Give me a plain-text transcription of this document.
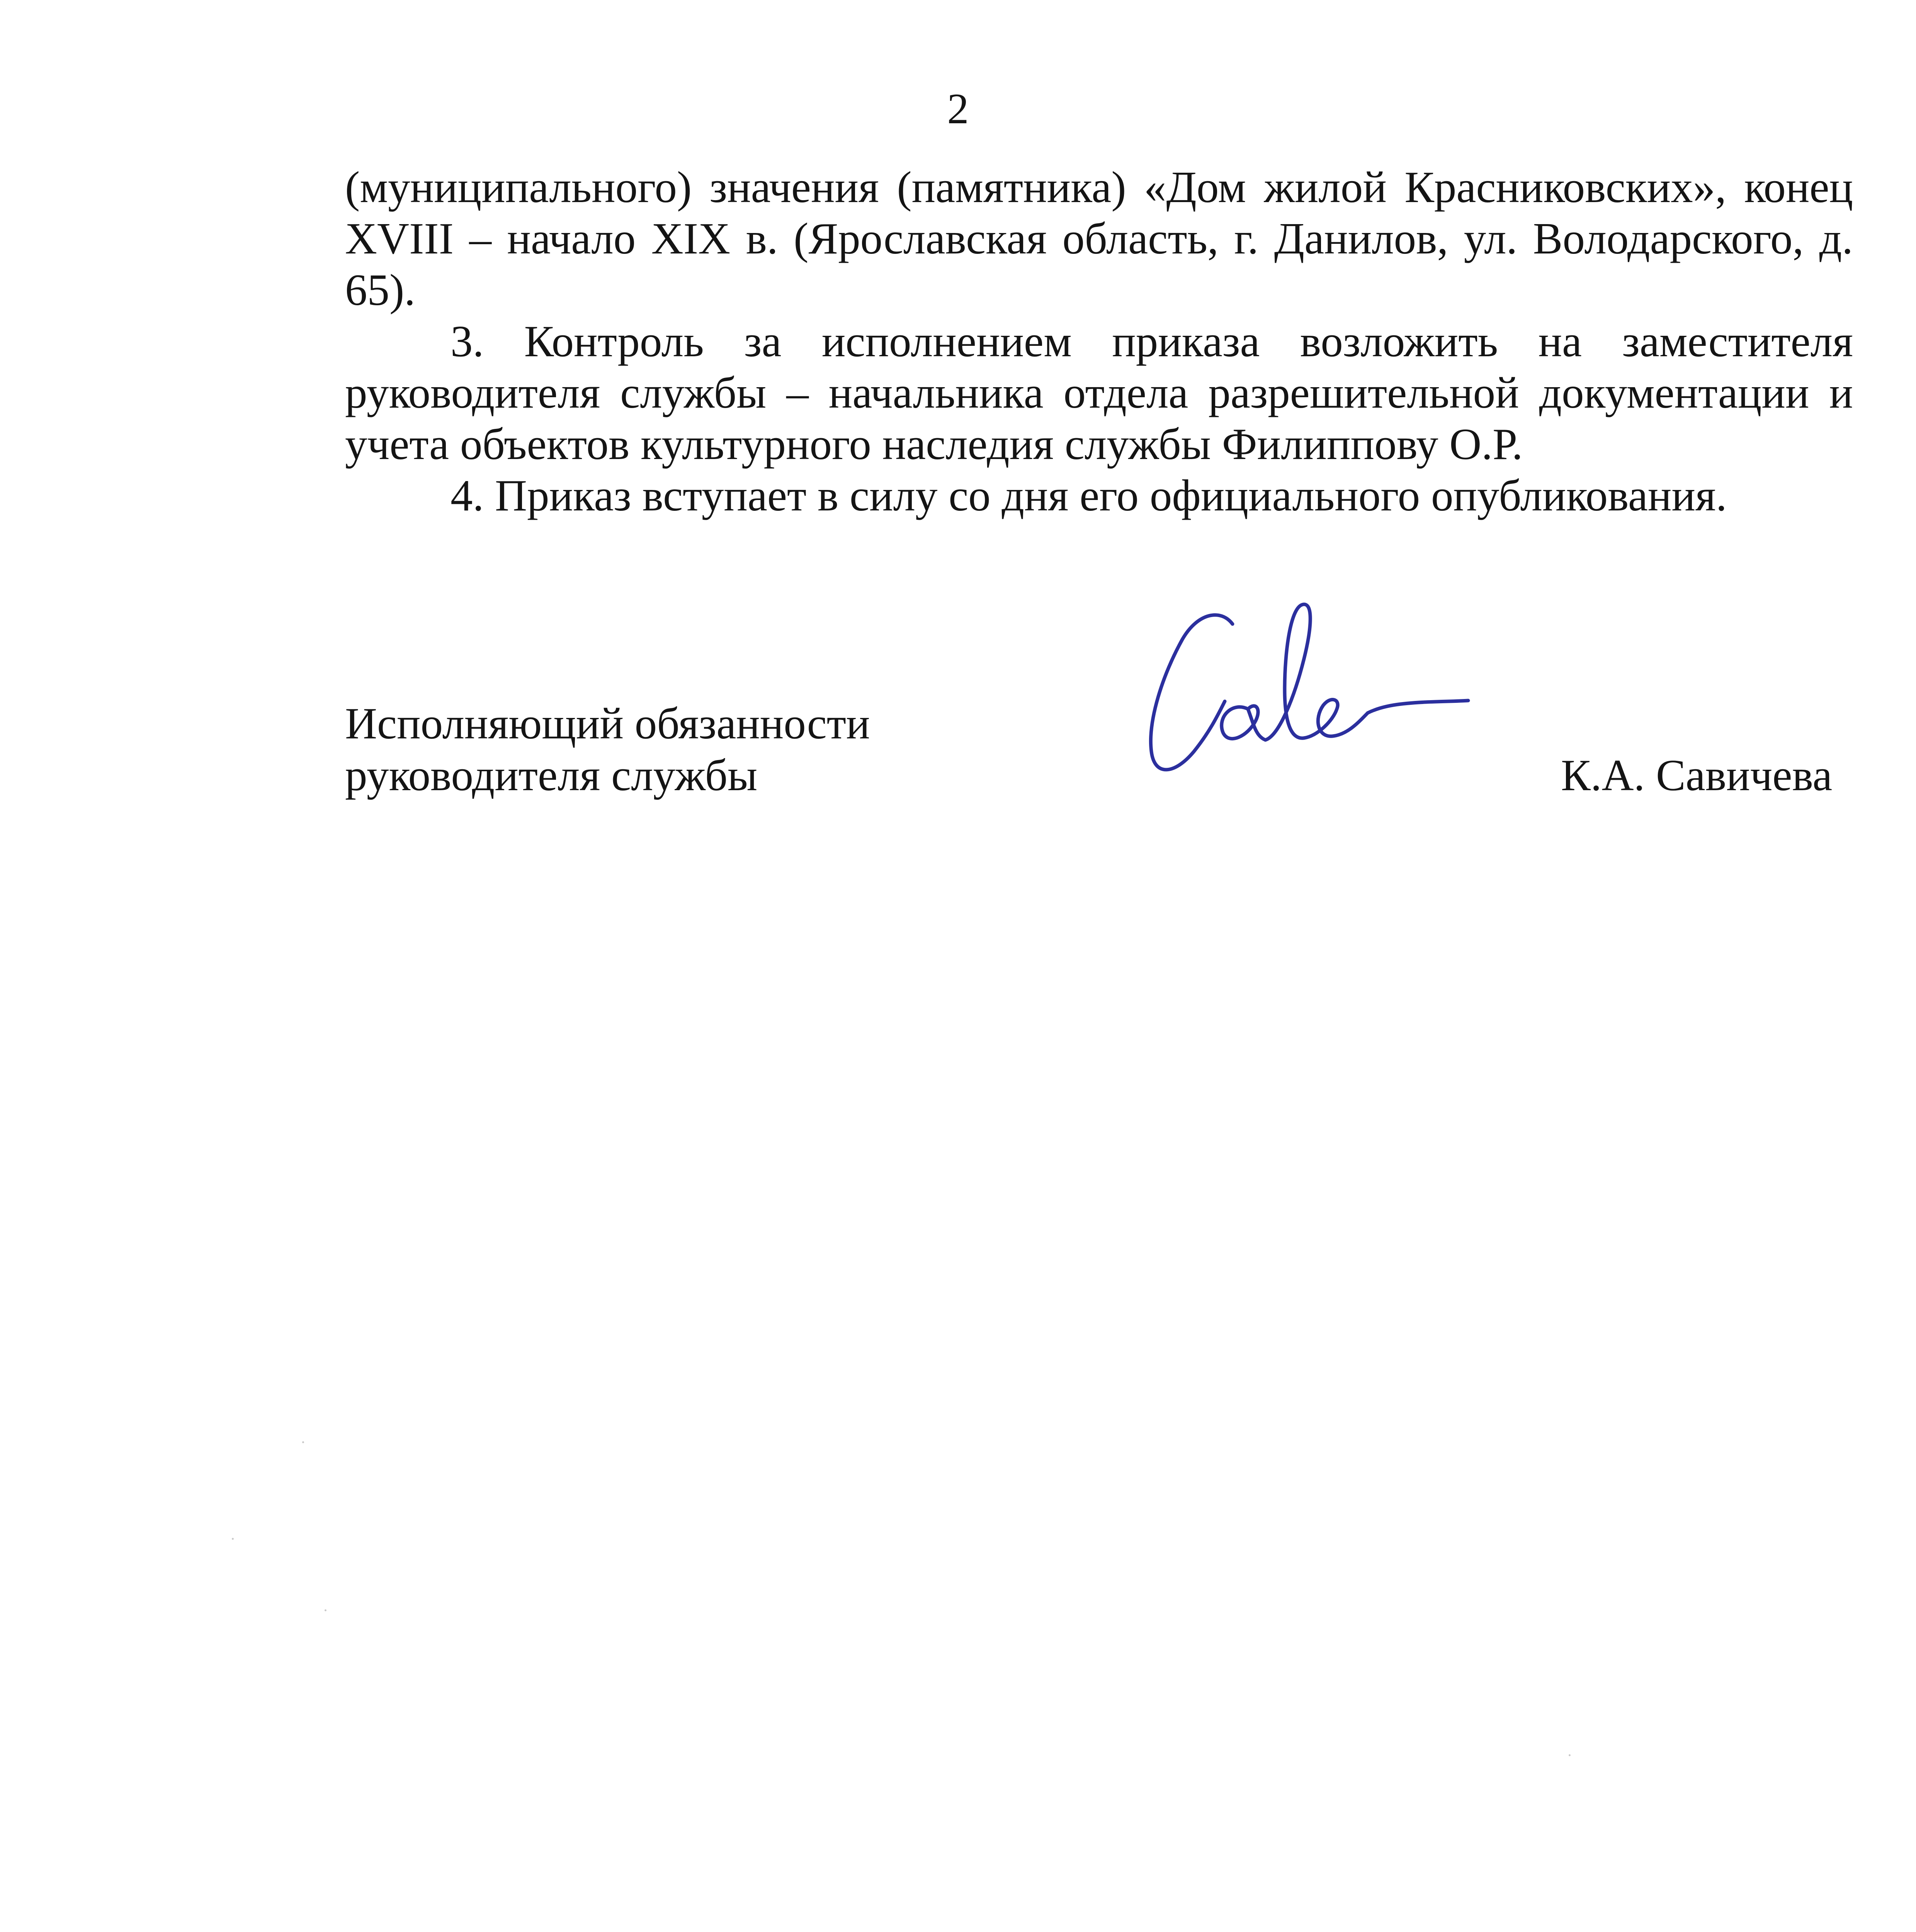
2

(муниципального) значения (памятника) «Дом жилой Красниковских», конец XVIII – начало XIX в. (Ярославская область, г. Данилов, ул. Володарского, д. 65).

3. Контроль за исполнением приказа возложить на заместителя руководителя службы – начальника отдела разрешительной документации и учета объектов культурного наследия службы Филиппову О.Р.

4. Приказ вступает в силу со дня его официального опубликования.

Исполняющий обязанности
руководителя службы	К.А. Савичева
